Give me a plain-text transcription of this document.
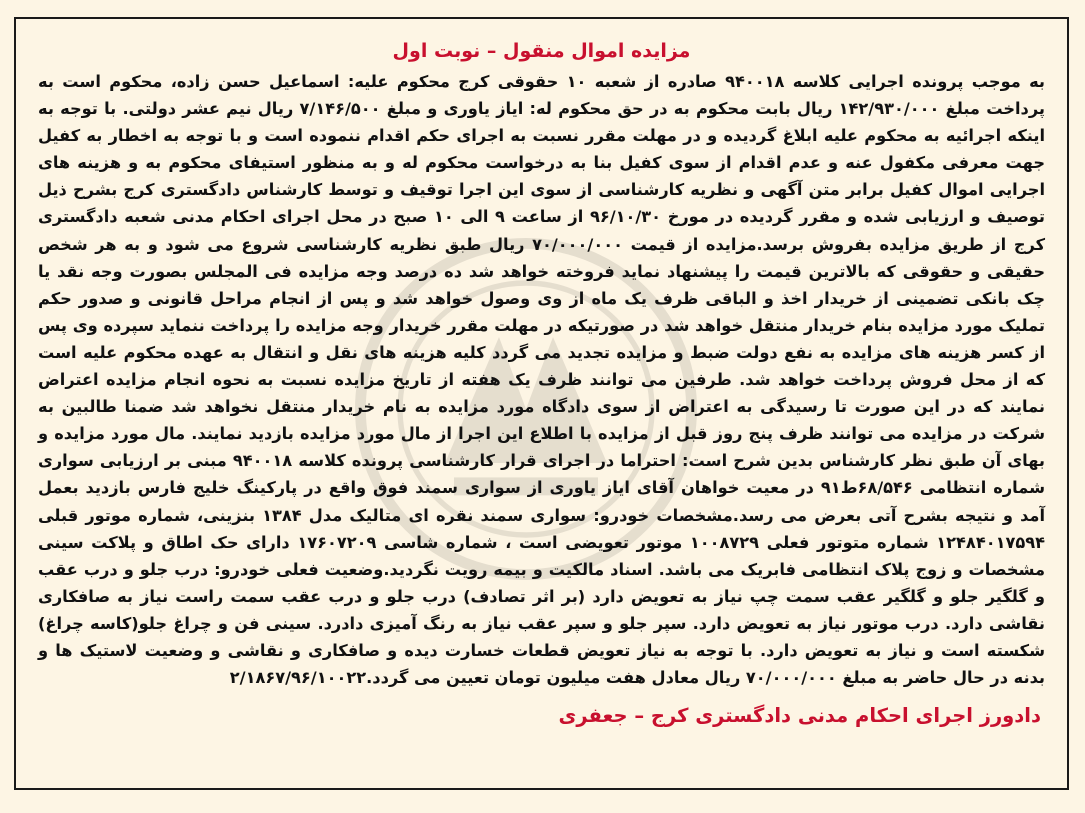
مزایده اموال منقول – نوبت اول

به موجب پرونده اجرایی کلاسه ۹۴۰۰۱۸ صادره از شعبه ۱۰ حقوقی کرج محکوم علیه: اسماعیل حسن زاده، محکوم است به پرداخت مبلغ ۱۴۲/۹۳۰/۰۰۰ ریال بابت محکوم به در حق محکوم له: ایاز یاوری و مبلغ ۷/۱۴۶/۵۰۰ ریال نیم عشر دولتی. با توجه به اینکه اجرائیه به محکوم علیه ابلاغ گردیده و در مهلت مقرر نسبت به اجرای حکم اقدام ننموده است و با توجه به اخطار به کفیل جهت معرفی مکفول عنه و عدم اقدام از سوی کفیل بنا به درخواست محکوم له و به منظور استیفای محکوم به و هزینه های اجرایی اموال کفیل برابر متن آگهی و نظریه کارشناسی از سوی این اجرا توقیف و توسط کارشناس دادگستری کرج بشرح ذیل توصیف و ارزیابی شده و مقرر گردیده در مورخ ۹۶/۱۰/۳۰ از ساعت ۹ الی ۱۰ صبح در محل اجرای احکام مدنی شعبه دادگستری کرج از طریق مزایده بفروش برسد.مزایده از قیمت ۷۰/۰۰۰/۰۰۰ ریال طبق نظریه کارشناسی شروع می شود و به هر شخص حقیقی و حقوقی که بالاترین قیمت را پیشنهاد نماید فروخته خواهد شد ده درصد وجه مزایده فی المجلس بصورت وجه نقد یا چک بانکی تضمینی از خریدار اخذ و الباقی ظرف یک ماه از وی وصول خواهد شد و پس از انجام مراحل قانونی و صدور حکم تملیک مورد مزایده بنام خریدار منتقل خواهد شد در صورتیکه در مهلت مقرر خریدار وجه مزایده را پرداخت ننماید سپرده وی پس از کسر هزینه های مزایده به نفع دولت ضبط و مزایده تجدید می گردد کلیه هزینه های نقل و انتقال به عهده محکوم علیه است که از محل فروش پرداخت خواهد شد. طرفین می توانند ظرف یک هفته از تاریخ مزایده نسبت به نحوه انجام مزایده اعتراض نمایند که در این صورت تا رسیدگی به اعتراض از سوی دادگاه مورد مزایده به نام خریدار منتقل نخواهد شد ضمنا طالبین به شرکت در مزایده می توانند ظرف پنج روز قبل از مزایده با اطلاع این اجرا از مال مورد مزایده بازدید نمایند. مال مورد مزایده و بهای آن طبق نظر کارشناس بدین شرح است: احتراما در اجرای قرار کارشناسی پرونده کلاسه ۹۴۰۰۱۸ مبنی بر ارزیابی سواری شماره انتظامی ۶۸/۵۴۶ط۹۱ در معیت خواهان آقای ایاز یاوری از سواری سمند فوق واقع در پارکینگ خلیج فارس بازدید بعمل آمد و نتیجه بشرح آتی بعرض می رسد.مشخصات خودرو: سواری سمند نقره ای متالیک مدل ۱۳۸۴ بنزینی، شماره موتور قبلی ۱۲۴۸۴۰۱۷۵۹۴ شماره متوتور فعلی ۱۰۰۸۷۲۹ موتور تعویضی است ، شماره شاسی ۱۷۶۰۷۲۰۹ دارای حک اطاق و پلاکت سینی مشخصات و زوج پلاک انتظامی فابریک می باشد. اسناد مالکیت و بیمه رویت نگردید.وضعیت فعلی خودرو: درب جلو و درب عقب و گلگیر جلو و گلگیر عقب سمت چپ نیاز به تعویض دارد (بر اثر تصادف) درب جلو و درب عقب سمت راست نیاز به صافکاری نقاشی دارد. درب موتور نیاز به تعویض دارد. سپر جلو و سپر عقب نیاز به رنگ آمیزی دادرد. سینی فن و چراغ جلو(کاسه چراغ) شکسته است و نیاز به تعویض دارد. با توجه به نیاز تعویض قطعات خسارت دیده و صافکاری و نقاشی و وضعیت لاستیک ها و بدنه در حال حاضر به مبلغ ۷۰/۰۰۰/۰۰۰ ریال معادل هفت میلیون تومان تعیین می گردد.۲/۱۸۶۷/۹۶/۱۰۰۲۲

دادورز اجرای احکام مدنی دادگستری کرج – جعفری
